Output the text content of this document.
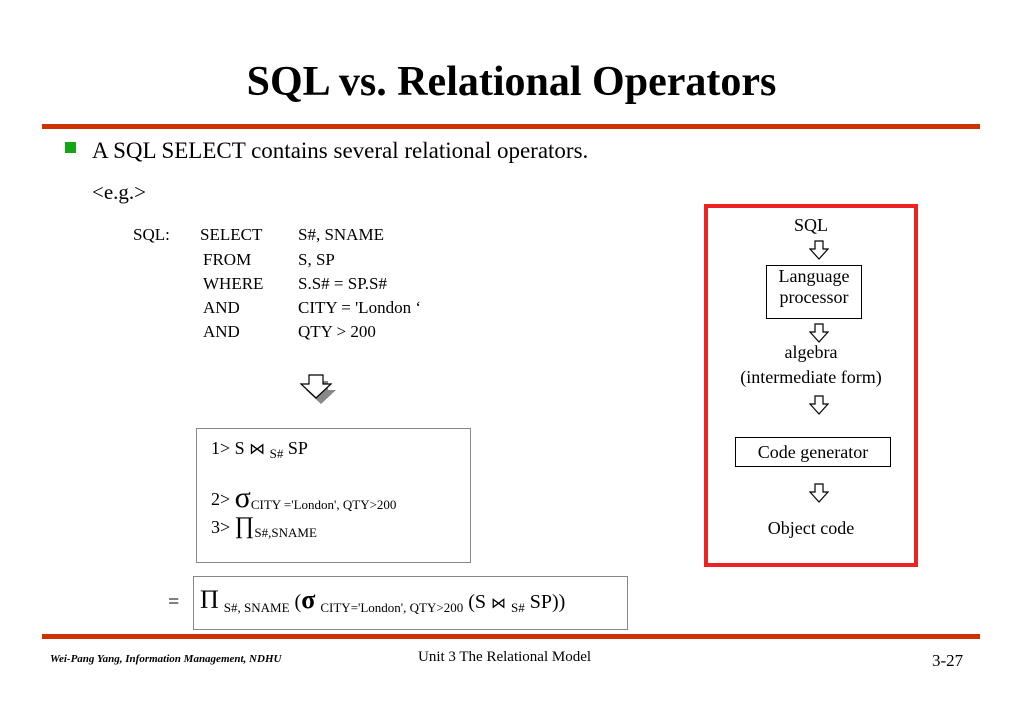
SQL vs. Relational Operators
A SQL SELECT contains several relational operators.
<e.g.>
SQL: SELECT S#, SNAME
FROM	S, SP
WHERE S.S# = SP.S#
AND	CITY = 'London ‘
AND	QTY > 200
1> S ⋈ $_{S\#}$ SP
$2> \sigma_{CITY ='London', QTY>200}$
$3> \prod_{S\#,SNAME}$
= Π $_{S\#, SNAME}$ (σ $_{CITY='London', QTY>200}$ (S ⋈ $_{S\#}$ SP))
SQL
Language
processor
algebra
(intermediate form)
Code generator
Object code
Wei-Pang Yang, Information Management, NDHU	Unit 3 The Relational Model	3-27
